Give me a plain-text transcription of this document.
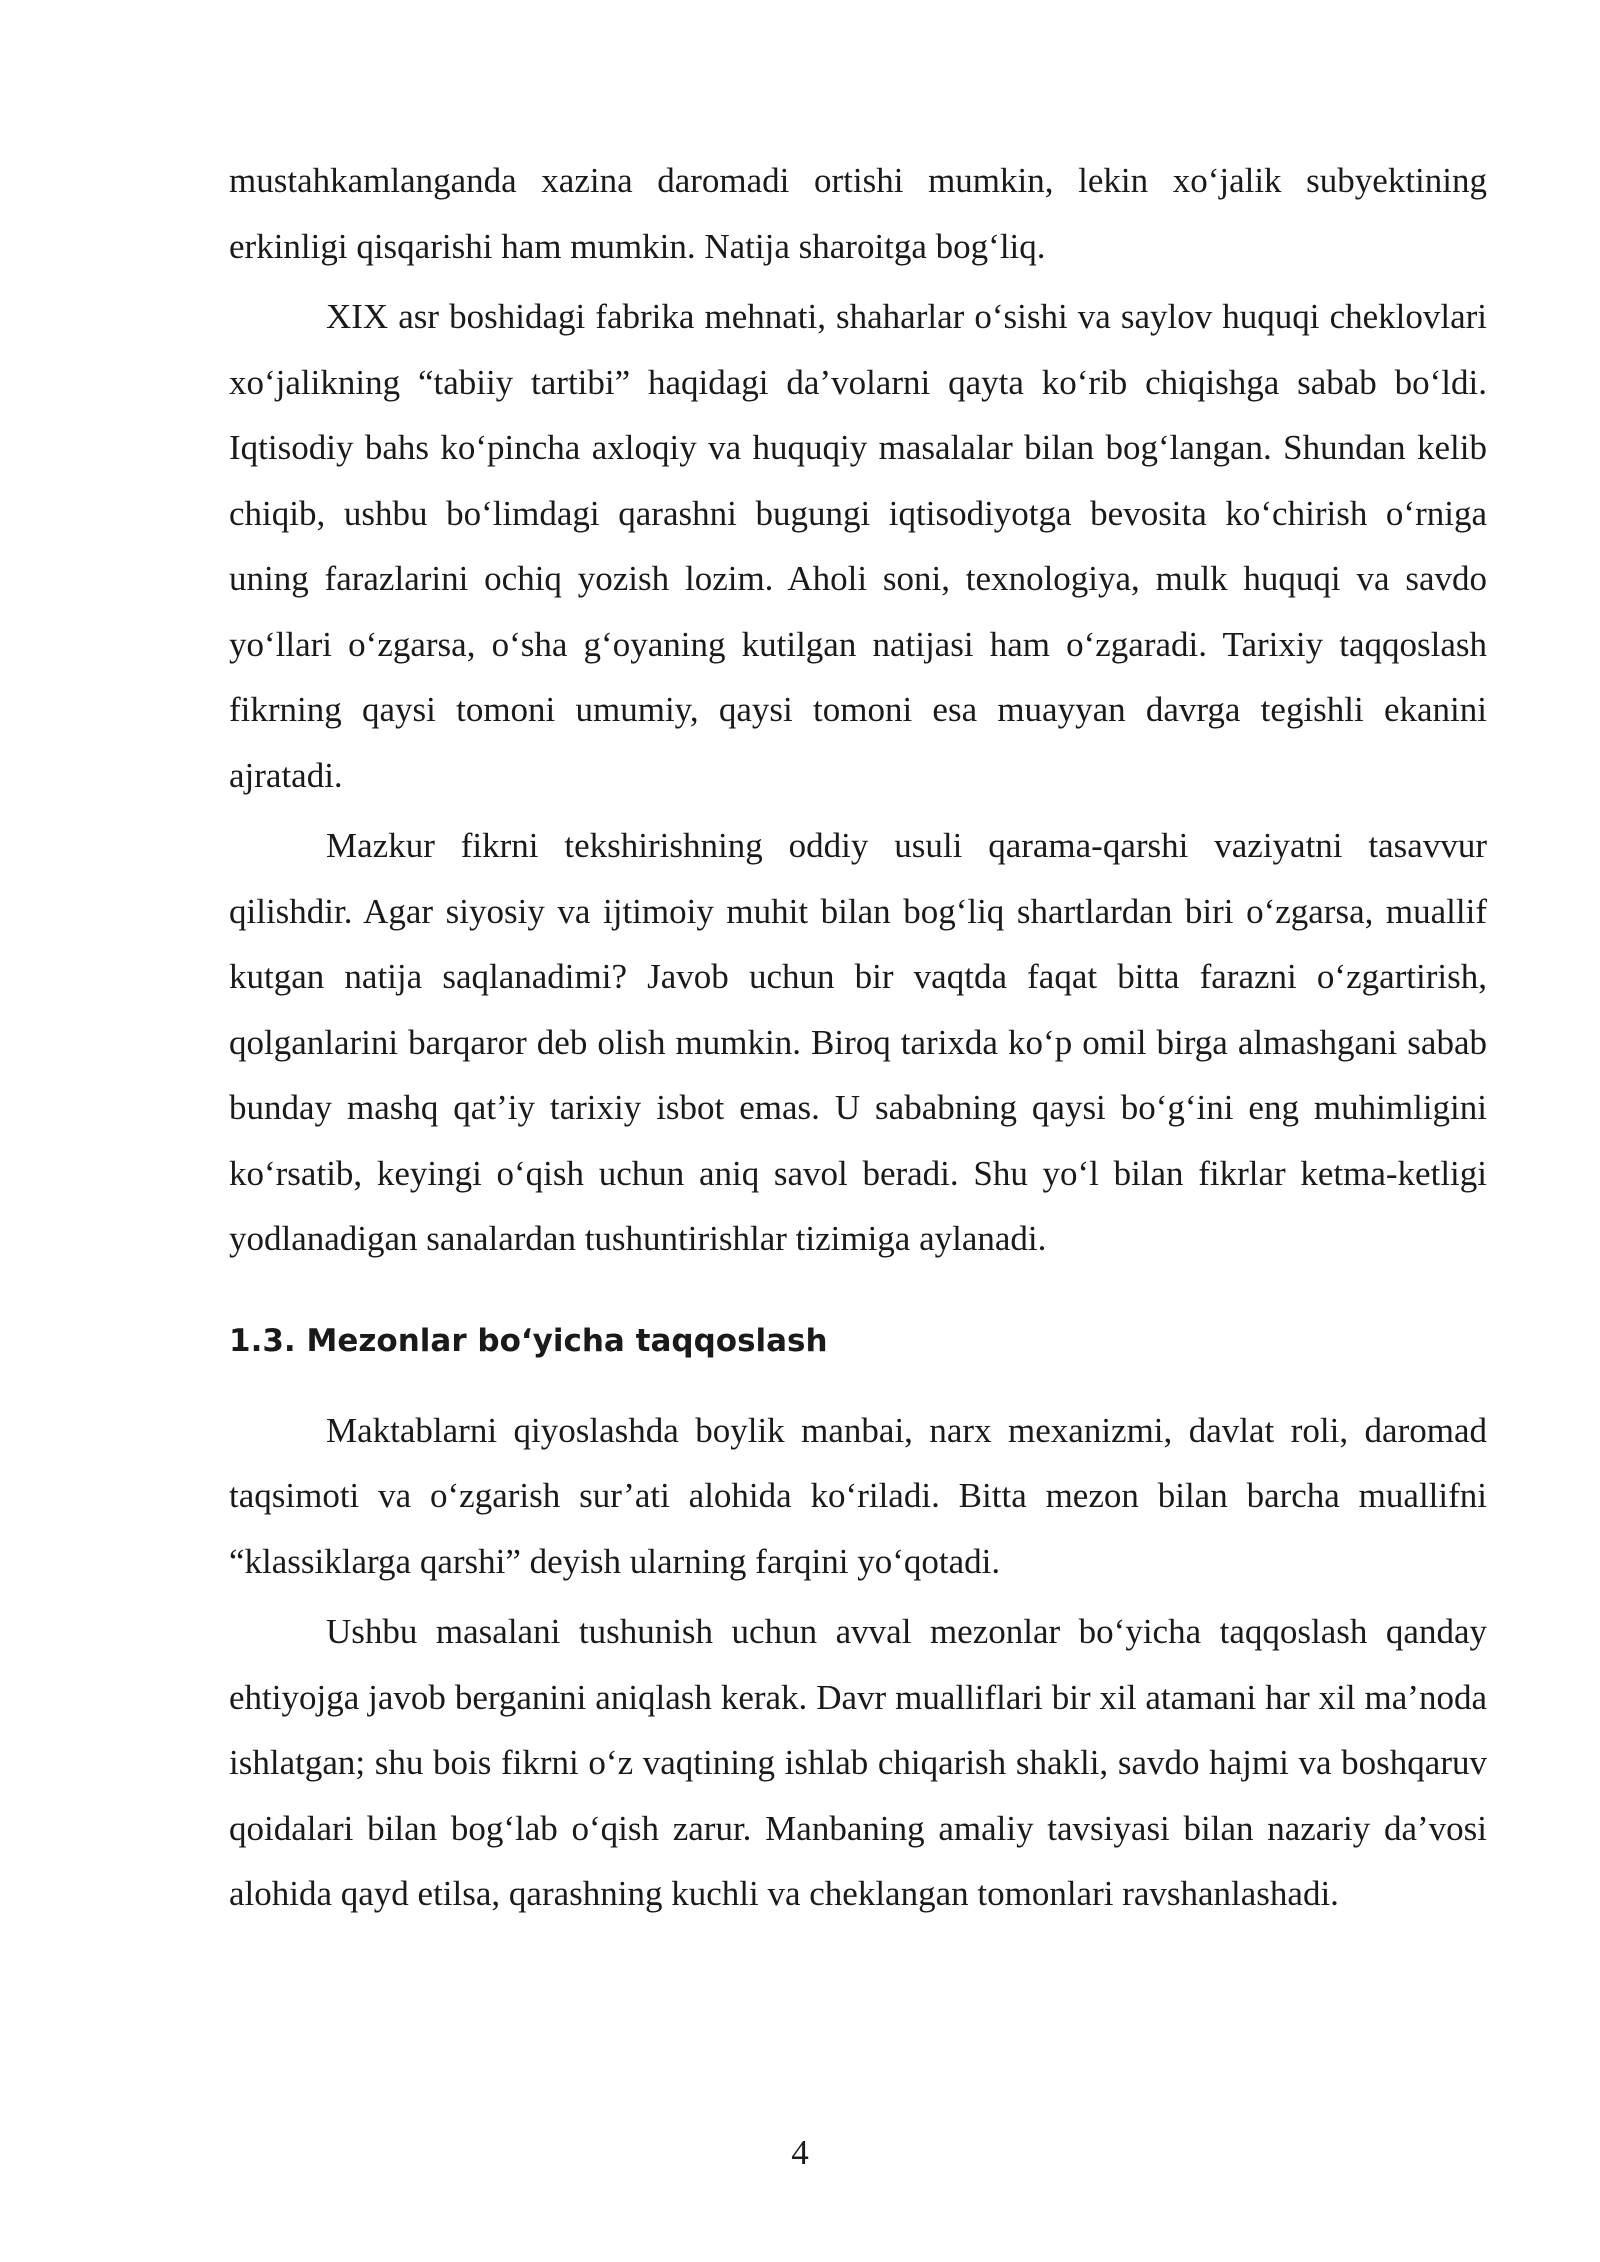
mustahkamlanganda xazina daromadi ortishi mumkin, lekin xo‘jalik subyektining erkinligi qisqarishi ham mumkin. Natija sharoitga bog‘liq.

XIX asr boshidagi fabrika mehnati, shaharlar o‘sishi va saylov huquqi cheklovlari xo‘jalikning “tabiiy tartibi” haqidagi da’volarni qayta ko‘rib chiqishga sabab bo‘ldi. Iqtisodiy bahs ko‘pincha axloqiy va huquqiy masalalar bilan bog‘langan. Shundan kelib chiqib, ushbu bo‘limdagi qarashni bugungi iqtisodiyotga bevosita ko‘chirish o‘rniga uning farazlarini ochiq yozish lozim. Aholi soni, texnologiya, mulk huquqi va savdo yo‘llari o‘zgarsa, o‘sha g‘oyaning kutilgan natijasi ham o‘zgaradi. Tarixiy taqqoslash fikrning qaysi tomoni umumiy, qaysi tomoni esa muayyan davrga tegishli ekanini ajratadi.

Mazkur fikrni tekshirishning oddiy usuli qarama-qarshi vaziyatni tasavvur qilishdir. Agar siyosiy va ijtimoiy muhit bilan bog‘liq shartlardan biri o‘zgarsa, muallif kutgan natija saqlanadimi? Javob uchun bir vaqtda faqat bitta farazni o‘zgartirish, qolganlarini barqaror deb olish mumkin. Biroq tarixda ko‘p omil birga almashgani sabab bunday mashq qat’iy tarixiy isbot emas. U sababning qaysi bo‘g‘ini eng muhimligini ko‘rsatib, keyingi o‘qish uchun aniq savol beradi. Shu yo‘l bilan fikrlar ketma-ketligi yodlanadigan sanalardan tushuntirishlar tizimiga aylanadi.

1.3. Mezonlar bo‘yicha taqqoslash

Maktablarni qiyoslashda boylik manbai, narx mexanizmi, davlat roli, daromad taqsimoti va o‘zgarish sur’ati alohida ko‘riladi. Bitta mezon bilan barcha muallifni “klassiklarga qarshi” deyish ularning farqini yo‘qotadi.

Ushbu masalani tushunish uchun avval mezonlar bo‘yicha taqqoslash qanday ehtiyojga javob berganini aniqlash kerak. Davr mualliflari bir xil atamani har xil ma’noda ishlatgan; shu bois fikrni o‘z vaqtining ishlab chiqarish shakli, savdo hajmi va boshqaruv qoidalari bilan bog‘lab o‘qish zarur. Manbaning amaliy tavsiyasi bilan nazariy da’vosi alohida qayd etilsa, qarashning kuchli va cheklangan tomonlari ravshanlashadi.

4
